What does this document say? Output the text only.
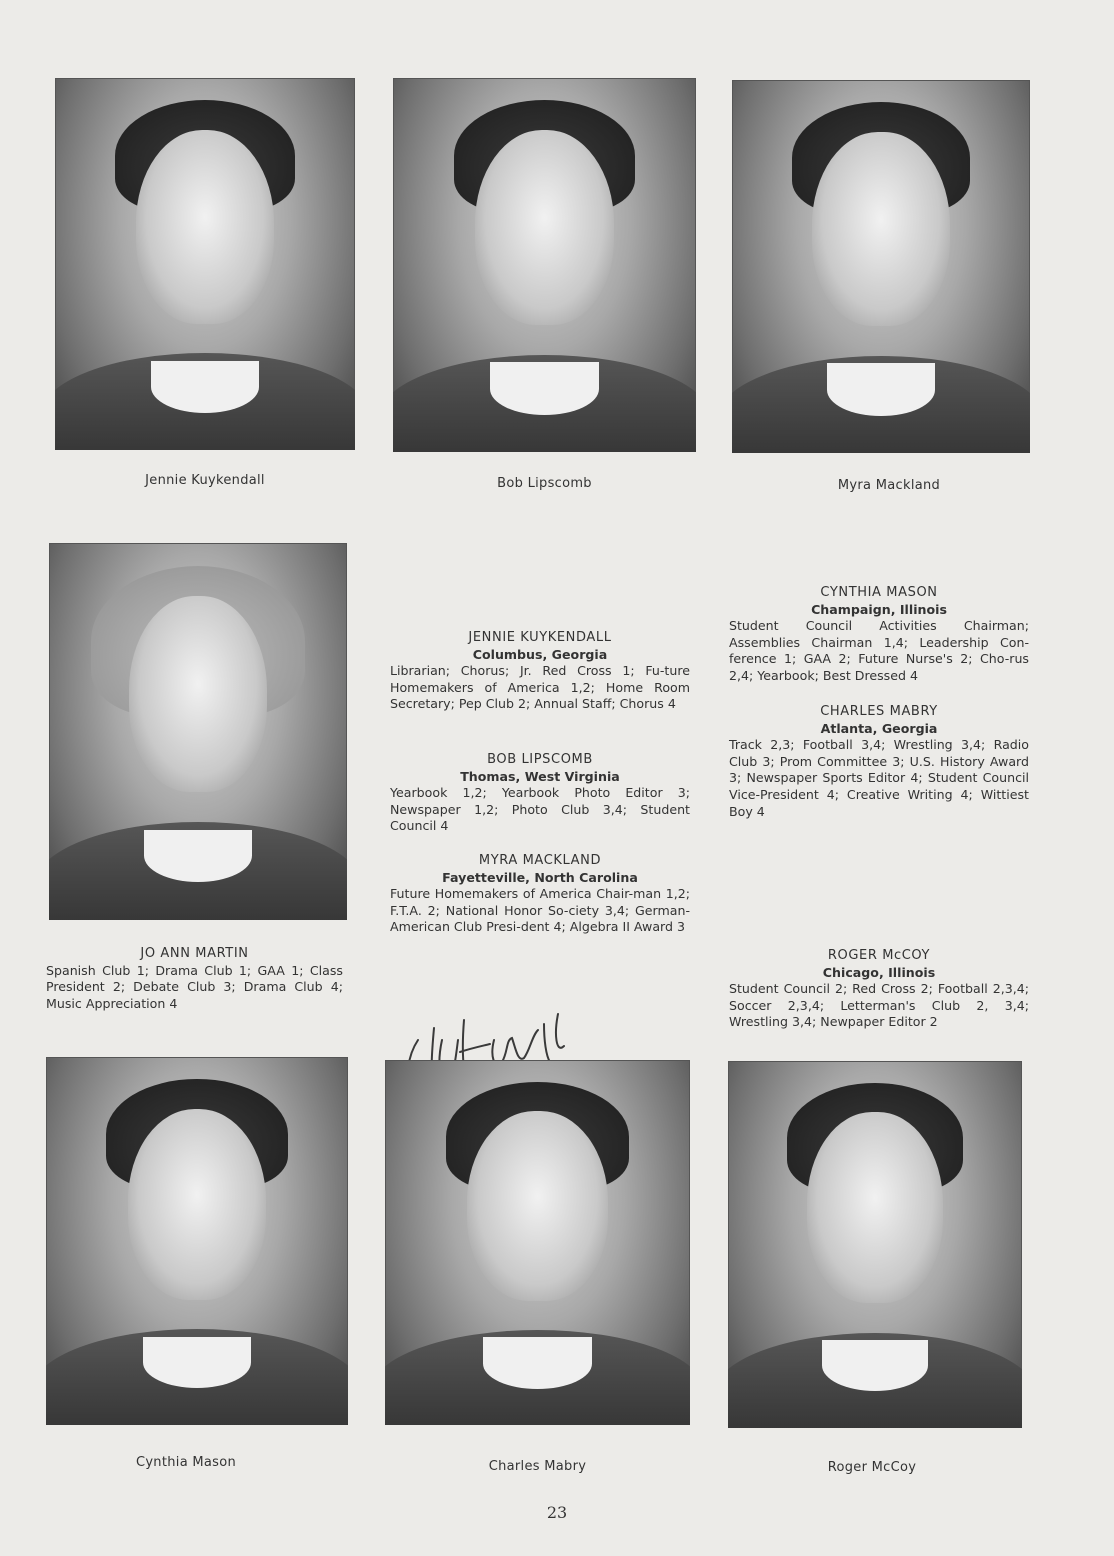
Jennie Kuykendall	Bob Lipscomb	Myra Mackland
JO ANN MARTIN
Spanish Club 1; Drama Club 1; GAA 1; Class President 2; Debate Club 3; Drama Club 4; Music Appreciation 4
JENNIE KUYKENDALL
Columbus, Georgia
Librarian; Chorus; Jr. Red Cross 1; Fu-ture Homemakers of America 1,2; Home Room Secretary; Pep Club 2; Annual Staff; Chorus 4
BOB LIPSCOMB
Thomas, West Virginia
Yearbook 1,2; Yearbook Photo Editor 3; Newspaper 1,2; Photo Club 3,4; Student Council 4
MYRA MACKLAND
Fayetteville, North Carolina
Future Homemakers of America Chair-man 1,2; F.T.A. 2; National Honor So-ciety 3,4; German-American Club Presi-dent 4; Algebra II Award 3
CYNTHIA MASON
Champaign, Illinois
Student Council Activities Chairman; Assemblies Chairman 1,4; Leadership Con-ference 1; GAA 2; Future Nurse's 2; Cho-rus 2,4; Yearbook; Best Dressed 4
CHARLES MABRY
Atlanta, Georgia
Track 2,3; Football 3,4; Wrestling 3,4; Radio Club 3; Prom Committee 3; U.S. History Award 3; Newspaper Sports Editor 4; Student Council Vice-President 4; Creative Writing 4; Wittiest Boy 4
ROGER McCOY
Chicago, Illinois
Student Council 2; Red Cross 2; Football 2,3,4; Soccer 2,3,4; Letterman's Club 2, 3,4; Wrestling 3,4; Newpaper Editor 2
Cynthia Mason	Charles Mabry	Roger McCoy
23
